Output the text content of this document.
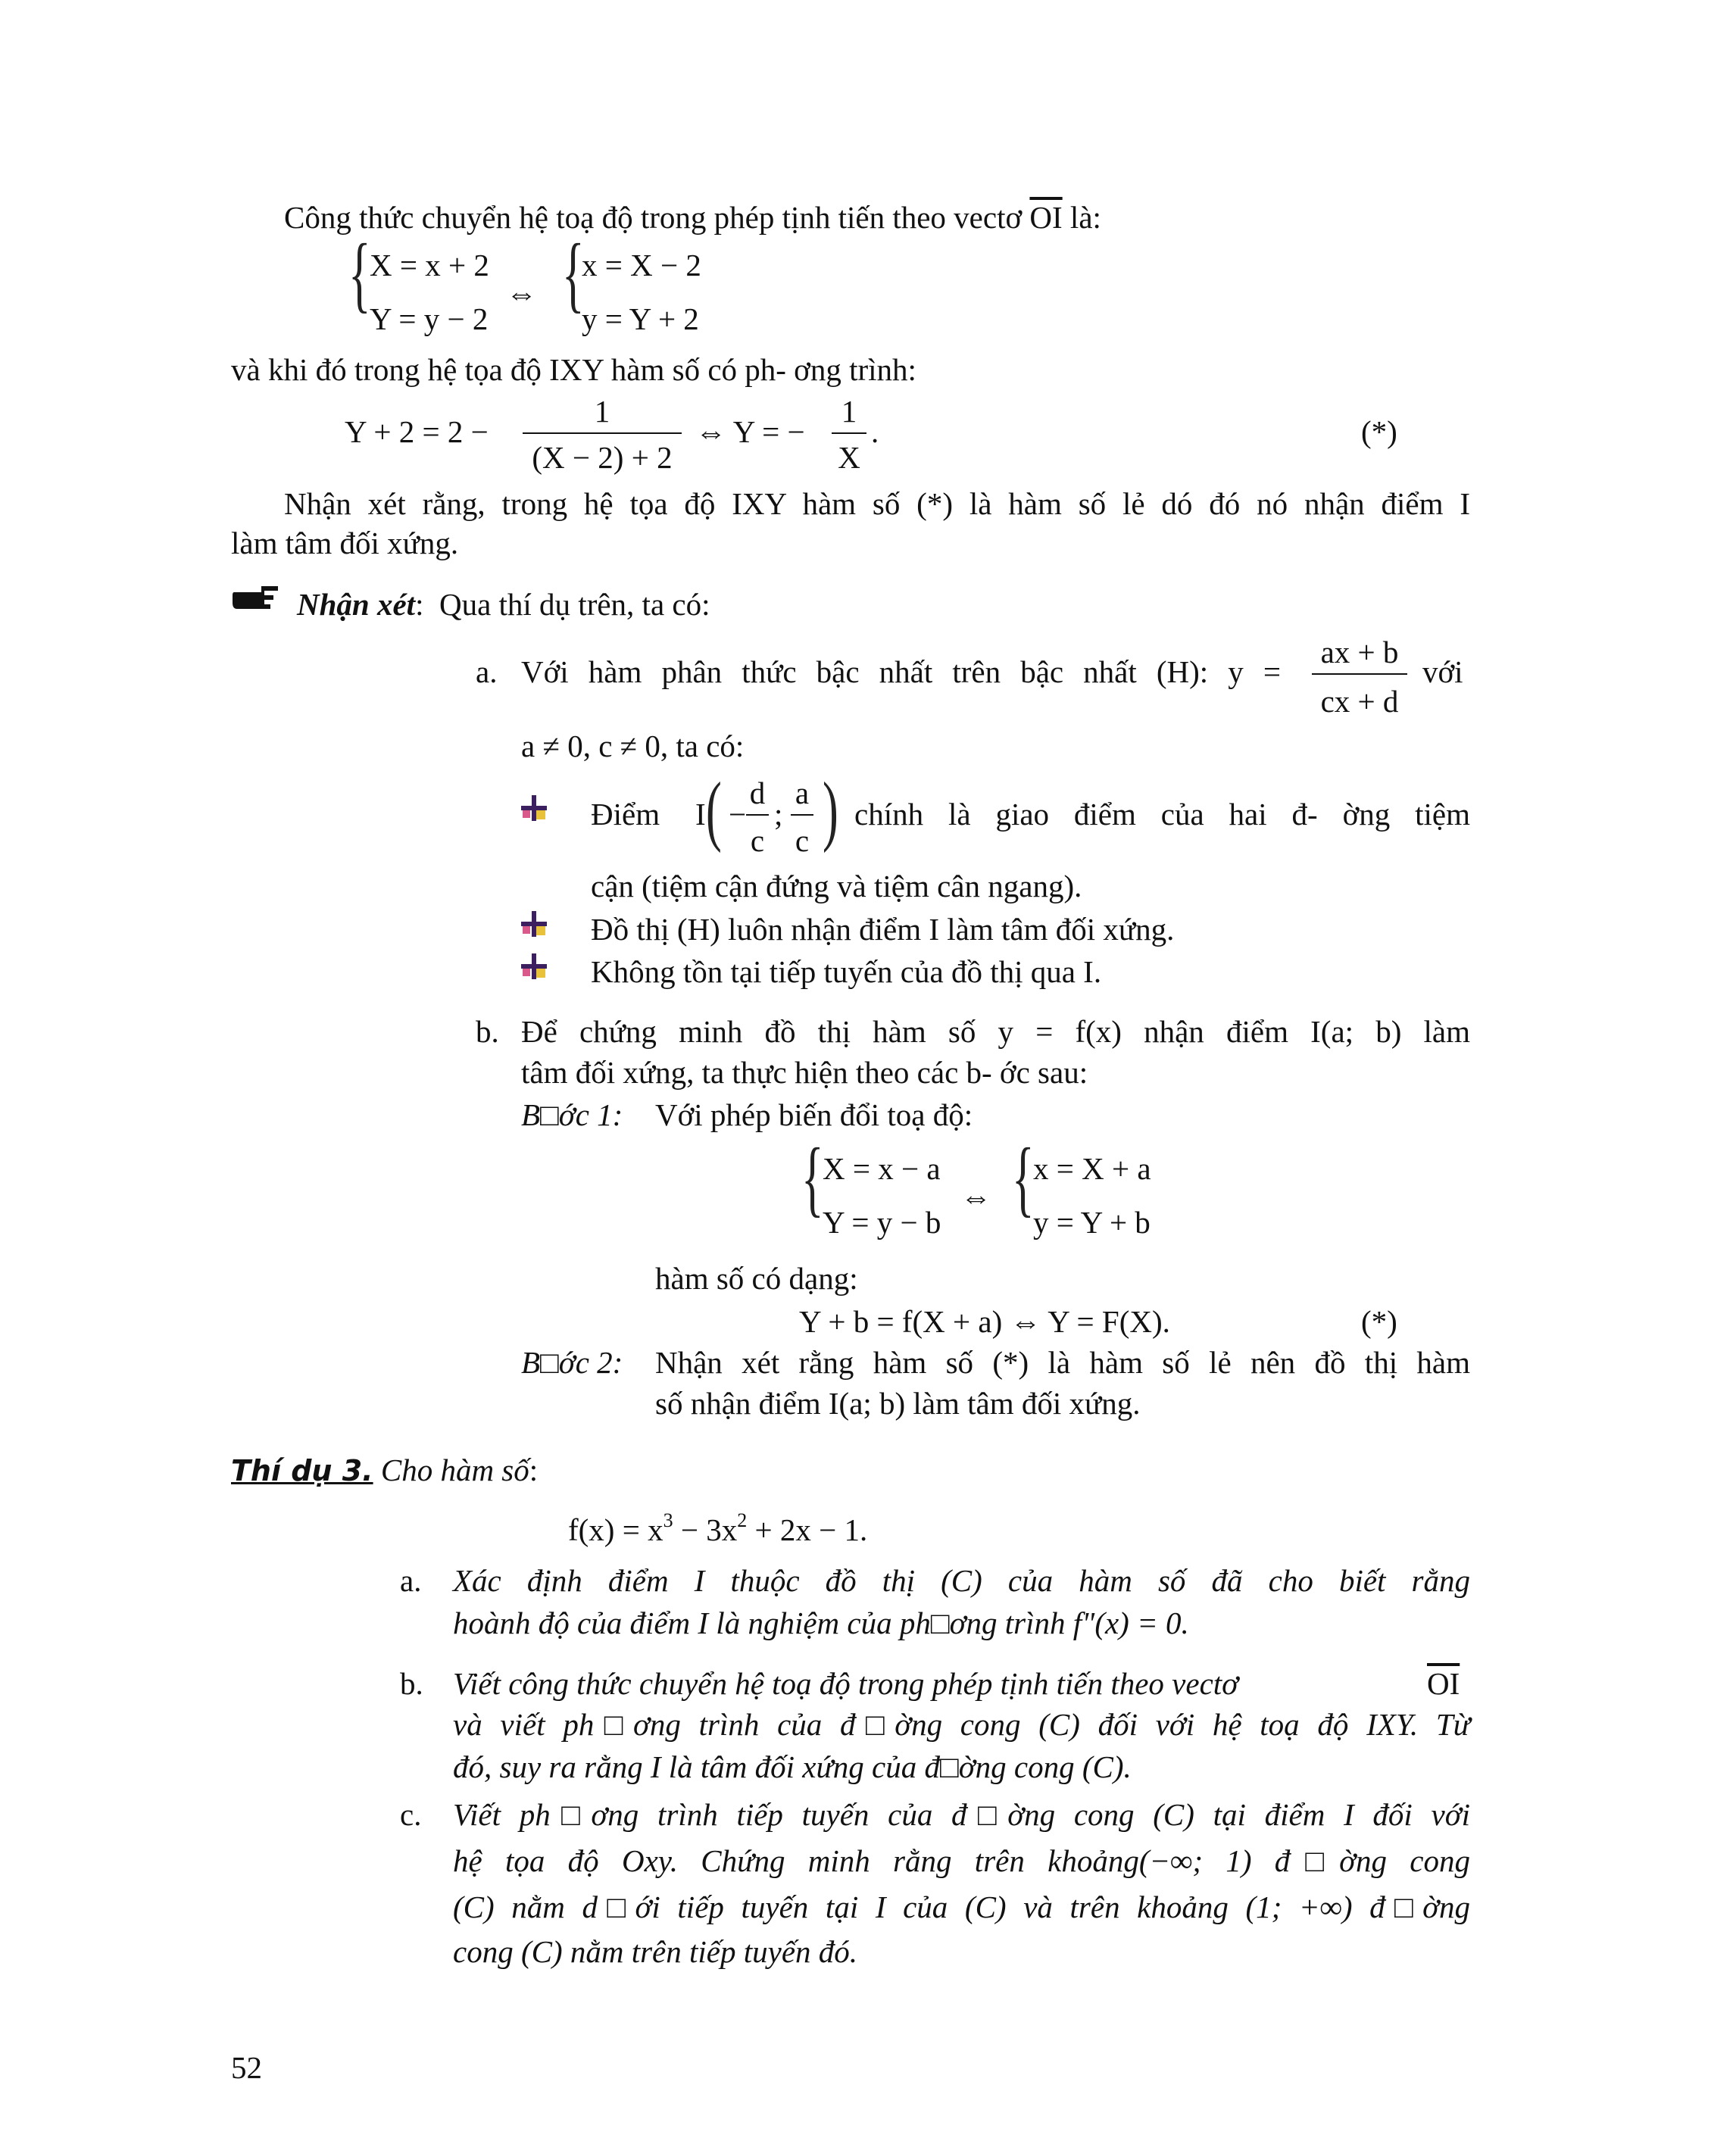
Công thức chuyển hệ toạ độ trong phép tịnh tiến theo vectơ $\overline{OI}$ là:
{
X = x + 2
Y = y − 2
⇔ {
x = X − 2
y = Y + 2
và khi đó trong hệ tọa độ IXY hàm số có ph- ơng trình:
Y + 2 = 2 −
1
(X − 2) + 2
⇔ Y = −
1
X
.	(*)
Nhận xét rằng, trong hệ tọa độ IXY hàm số (*) là hàm số lẻ dó đó nó nhận điểm I
làm tâm đối xứng.
Nhận xét: Qua thí dụ trên, ta có:
a. Với hàm phân thức bậc nhất trên bậc nhất (H): y =
ax + b
cx + d
với
a ≠ 0, c ≠ 0, ta có:
Điểm I ( −
d
c
;
a
c ) chính là giao điểm của hai đ- ờng tiệm
cận (tiệm cận đứng và tiệm cân ngang).
Đồ thị (H) luôn nhận điểm I làm tâm đối xứng.
Không tồn tại tiếp tuyến của đồ thị qua I.
b. Để chứng minh đồ thị hàm số y = f(x) nhận điểm I(a; b) làm
tâm đối xứng, ta thực hiện theo các b- ớc sau:
B□ớc 1: Với phép biến đổi toạ độ:
{
X = x − a
Y = y − b
⇔ {
x = X + a
y = Y + b
hàm số có dạng:
Y + b = f(X + a) ⇔ Y = F(X).	(*)
B□ớc 2: Nhận xét rằng hàm số (*) là hàm số lẻ nên đồ thị hàm
số nhận điểm I(a; b) làm tâm đối xứng.
Thí dụ 3. Cho hàm số:
$f(x) = x^3 - 3x^2 + 2x - 1$.
a. Xác định điểm I thuộc đồ thị (C) của hàm số đã cho biết rằng
hoành độ của điểm I là nghiệm của ph□ơng trình f"(x) = 0.
b. Viết công thức chuyển hệ toạ độ trong phép tịnh tiến theo vectơ	$\overline{OI}$
và viết ph□ơng trình của đ□ờng cong (C) đối với hệ toạ độ IXY. Từ
đó, suy ra rằng I là tâm đối xứng của đ□ờng cong (C).
c. Viết ph□ơng trình tiếp tuyến của đ□ờng cong (C) tại điểm I đối với
hệ tọa độ Oxy. Chứng minh rằng trên khoảng(−∞; 1) đ□ờng cong
(C) nằm d□ới tiếp tuyến tại I của (C) và trên khoảng (1; +∞) đ□ờng
cong (C) nằm trên tiếp tuyến đó.
52
